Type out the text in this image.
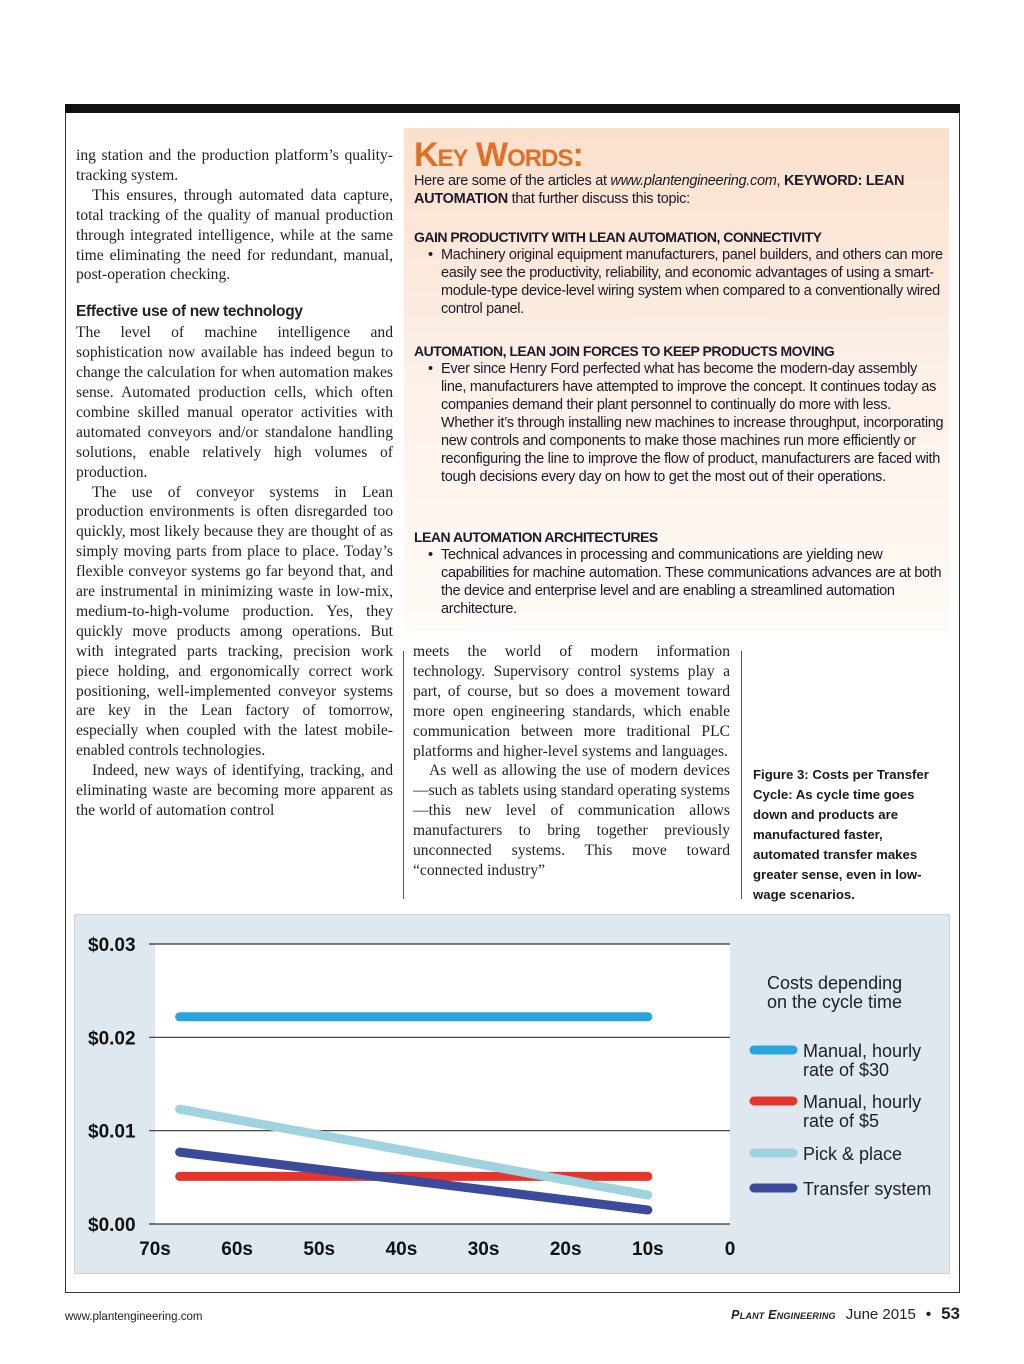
ing station and the production platform’s quality-tracking system.

This ensures, through automated data capture, total tracking of the quality of manual production through integrated intelligence, while at the same time eliminating the need for redundant, manual, post-operation checking.

Effective use of new technology

The level of machine intelligence and sophistication now available has indeed begun to change the calculation for when automation makes sense. Automated production cells, which often combine skilled manual operator activities with automated conveyors and/or standalone handling solutions, enable relatively high volumes of production.

The use of conveyor systems in Lean production environments is often disregarded too quickly, most likely because they are thought of as simply moving parts from place to place. Today’s flexible conveyor systems go far beyond that, and are instrumental in minimizing waste in low-mix, medium-to-high-volume production. Yes, they quickly move products among operations. But with integrated parts tracking, precision work piece holding, and ergonomically correct work positioning, well-implemented conveyor systems are key in the Lean factory of tomorrow, especially when coupled with the latest mobile-enabled controls technologies.

Indeed, new ways of identifying, tracking, and eliminating waste are becoming more apparent as the world of automation control

Key Words:
Here are some of the articles at www.plantengineering.com, KEYWORD: LEAN AUTOMATION that further discuss this topic:
GAIN PRODUCTIVITY WITH LEAN AUTOMATION, CONNECTIVITY
• Machinery original equipment manufacturers, panel builders, and others can more easily see the productivity, reliability, and economic advantages of using a smart-module-type device-level wiring system when compared to a conventionally wired control panel.
AUTOMATION, LEAN JOIN FORCES TO KEEP PRODUCTS MOVING
• Ever since Henry Ford perfected what has become the modern-day assembly line, manufacturers have attempted to improve the concept. It continues today as companies demand their plant personnel to continually do more with less. Whether it’s through installing new machines to increase throughput, incorporating new controls and components to make those machines run more efficiently or reconfiguring the line to improve the flow of product, manufacturers are faced with tough decisions every day on how to get the most out of their operations.
LEAN AUTOMATION ARCHITECTURES
• Technical advances in processing and communications are yielding new capabilities for machine automation. These communications advances are at both the device and enterprise level and are enabling a streamlined automation architecture.

meets the world of modern information technology. Supervisory control systems play a part, of course, but so does a movement toward more open engineering standards, which enable communication between more traditional PLC platforms and higher-level systems and languages.

As well as allowing the use of modern devices—such as tablets using standard operating systems —this new level of communication allows manufacturers to bring together previously unconnected systems. This move toward “connected industry”

Figure 3: Costs per Transfer Cycle: As cycle time goes down and products are manufactured faster, automated transfer makes greater sense, even in low-wage scenarios.
$0.00
$0.01
$0.02
$0.03
70s	60s	50s	40s	30s	20s	10s	0
Costs depending
on the cycle time
Manual, hourly
rate of $30
Manual, hourly
rate of $5
Pick & place
Transfer system
www.plantengineering.com	Plant Engineering June 2015 • 53
